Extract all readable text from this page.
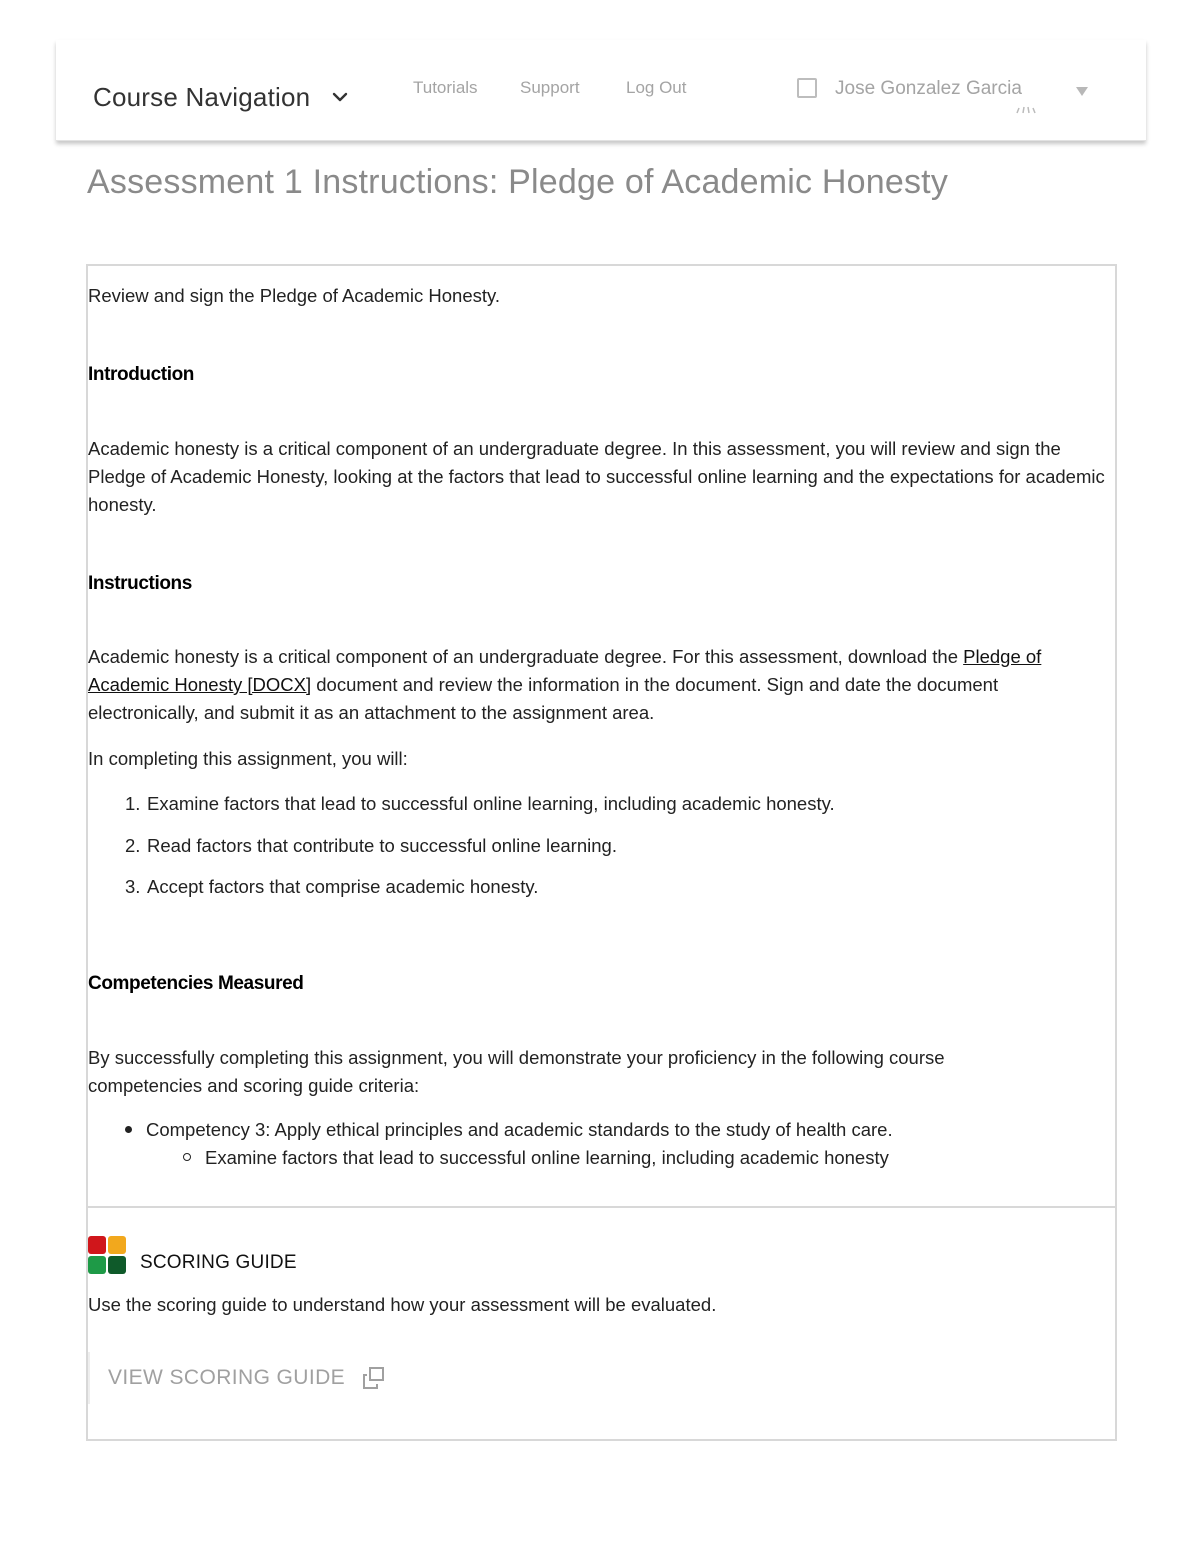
Course Navigation	Tutorials Support	Log Out	Jose Gonzalez Garcia
Assessment 1 Instructions: Pledge of Academic Honesty

Review and sign the Pledge of Academic Honesty.

Introduction

Academic honesty is a critical component of an undergraduate degree. In this assessment, you will review and sign the Pledge of Academic Honesty, looking at the factors that lead to successful online learning and the expectations for academic honesty.

Instructions

Academic honesty is a critical component of an undergraduate degree. For this assessment, download the Pledge of Academic Honesty [DOCX] document and review the information in the document. Sign and date the document electronically, and submit it as an attachment to the assignment area.

In completing this assignment, you will:

1. Examine factors that lead to successful online learning, including academic honesty.
2. Read factors that contribute to successful online learning.
3. Accept factors that comprise academic honesty.
Competencies Measured

By successfully completing this assignment, you will demonstrate your proficiency in the following course competencies and scoring guide criteria:

Competency 3: Apply ethical principles and academic standards to the study of health care.
Examine factors that lead to successful online learning, including academic honesty
SCORING GUIDE

Use the scoring guide to understand how your assessment will be evaluated.

VIEW SCORING GUIDE
